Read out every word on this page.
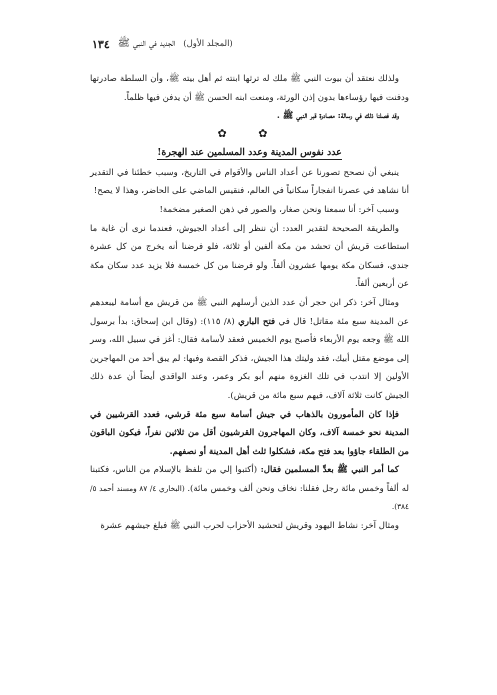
١٣٤ الجديد في النبي ﷺ (المجلد الأول)

ولذلك نعتقد أن بيوت النبي ﷺ ملك له ترثها ابنته ثم أهل بيته ﷺ، وأن السلطة صادرتها ودفنت فيها رؤساءها بدون إذن الورثة، ومنعت ابنه الحسن ﷺ أن يدفن فيها ظلماً.

وقد فصلنا ذلك في رسالة: مصادرة قبر النبي ﷺ .

✿ ✿

عدد نفوس المدينة وعدد المسلمين عند الهجرة!

ينبغي أن نصحح تصورنا عن أعداد الناس والأقوام في التاريخ، وسبب خطئنا في التقدير أنا نشاهد في عصرنا انفجاراً سكانياً في العالم، فنقيس الماضي على الحاضر، وهذا لا يصح!

وسبب آخر: أنا سمعنا ونحن صغار، والصور في ذهن الصغير مضخمة!

والطريقة الصحيحة لتقدير العدد: أن ننظر إلى أعداد الجيوش، فعندما نرى أن غاية ما استطاعت قريش أن تحشد من مكة ألفين أو ثلاثة، فلو فرضنا أنه يخرج من كل عشرة جندي، فسكان مكة يومها عشرون ألفاً. ولو فرضنا من كل خمسة فلا يزيد عدد سكان مكة عن أربعين ألفاً.

ومثال آخر: ذكر ابن حجر أن عدد الذين أرسلهم النبي ﷺ من قريش مع أسامة ليبعدهم عن المدينة سبع مئة مقاتل! قال في فتح الباري (٨/ ١١٥): (وقال ابن إسحاق: بدأ برسول الله ﷺ وجعه يوم الأربعاء فأصبح يوم الخميس فعقد لأسامة فقال: أغز في سبيل الله، وسر إلى موضع مقتل أبيك، فقد وليتك هذا الجيش، فذكر القصة وفيها: لم يبق أحد من المهاجرين الأولين إلا انتدب في تلك الغزوة منهم أبو بكر وعمر، وعند الواقدي أيضاً أن عدة ذلك الجيش كانت ثلاثة آلاف، فيهم سبع مائة من قريش).

فإذا كان المأمورون بالذهاب في جيش أسامة سبع مئة قرشي، فعدد القرشيين في المدينة نحو خمسة آلاف، وكان المهاجرون القرشيون أقل من ثلاثين نفراً، فيكون الباقون من الطلقاء جاؤوا بعد فتح مكة، فشكلوا ثلث أهل المدينة أو نصفهم.

كما أمر النبي ﷺ بعدِّ المسلمين فقال: (أكتبوا إلي من تلفظ بالإسلام من الناس، فكتبنا له ألفاً وخمس مائة رجل فقلنا: نخاف ونحن ألف وخمس مائة). (البخاري ٤/ ٨٧ ومسند أحمد ٥/ ٣٨٤).

ومثال آخر: نشاط اليهود وقريش لتحشيد الأحزاب لحرب النبي ﷺ فبلغ جيشهم عشرة
